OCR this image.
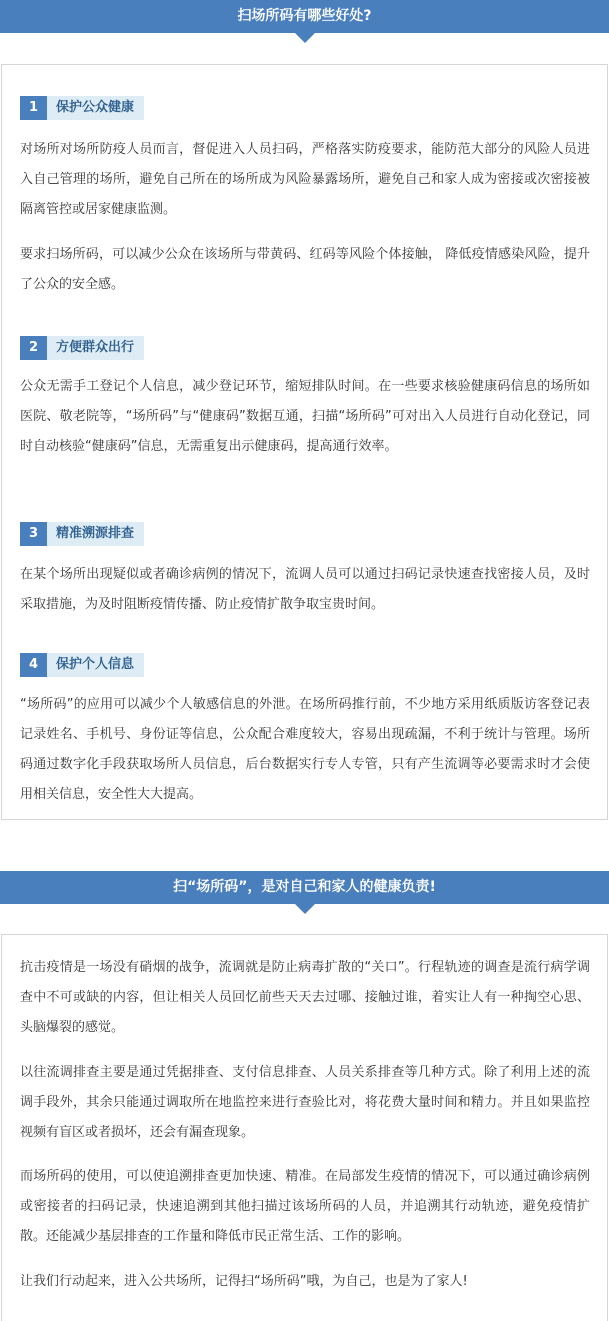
扫场所码有哪些好处?
1	保护公众健康
对场所对场所防疫人员而言，督促进入人员扫码，严格落实防疫要求，能防范大部分的风险人员进入自己管理的场所，避免自己所在的场所成为风险暴露场所，避免自己和家人成为密接或次密接被隔离管控或居家健康监测。
要求扫场所码，可以减少公众在该场所与带黄码、红码等风险个体接触， 降低疫情感染风险，提升了公众的安全感。
2	方便群众出行
公众无需手工登记个人信息，减少登记环节，缩短排队时间。在一些要求核验健康码信息的场所如医院、敬老院等，“场所码”与“健康码”数据互通，扫描“场所码”可对出入人员进行自动化登记，同时自动核验“健康码”信息，无需重复出示健康码，提高通行效率。
3	精准溯源排查
在某个场所出现疑似或者确诊病例的情况下，流调人员可以通过扫码记录快速查找密接人员，及时采取措施，为及时阻断疫情传播、防止疫情扩散争取宝贵时间。
4	保护个人信息
“场所码”的应用可以减少个人敏感信息的外泄。在场所码推行前，不少地方采用纸质版访客登记表记录姓名、手机号、身份证等信息，公众配合难度较大，容易出现疏漏，不利于统计与管理。场所码通过数字化手段获取场所人员信息，后台数据实行专人专管，只有产生流调等必要需求时才会使用相关信息，安全性大大提高。
扫“场所码”，是对自己和家人的健康负责!
抗击疫情是一场没有硝烟的战争，流调就是防止病毒扩散的“关口”。行程轨迹的调查是流行病学调查中不可或缺的内容，但让相关人员回忆前些天天去过哪、接触过谁，着实让人有一种掏空心思、头脑爆裂的感觉。
以往流调排查主要是通过凭据排查、支付信息排查、人员关系排查等几种方式。除了利用上述的流调手段外，其余只能通过调取所在地监控来进行查验比对，将花费大量时间和精力。并且如果监控视频有盲区或者损坏，还会有漏查现象。
而场所码的使用，可以使追溯排查更加快速、精准。在局部发生疫情的情况下，可以通过确诊病例或密接者的扫码记录，快速追溯到其他扫描过该场所码的人员，并追溯其行动轨迹，避免疫情扩散。还能减少基层排查的工作量和降低市民正常生活、工作的影响。
让我们行动起来，进入公共场所，记得扫“场所码”哦，为自己，也是为了家人!
